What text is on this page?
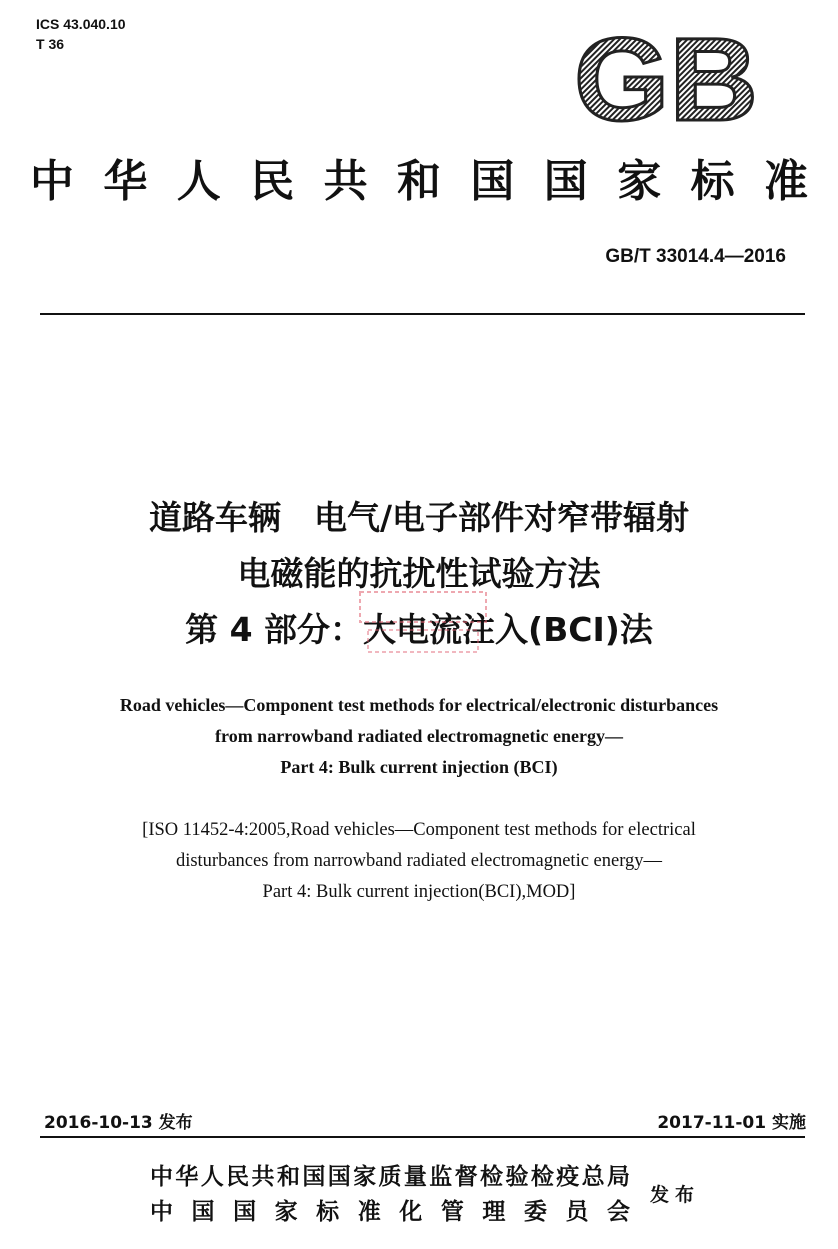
ICS 43.040.10
T 36	GB
中华人民共和国国家标准
GB/T 33014.4—2016
道路车辆　电气/电子部件对窄带辐射
电磁能的抗扰性试验方法
第 4 部分：大电流注入(BCI)法
Road vehicles—Component test methods for electrical/electronic disturbances
from narrowband radiated electromagnetic energy—
Part 4: Bulk current injection (BCI)
[ISO 11452-4:2005,Road vehicles—Component test methods for electrical
disturbances from narrowband radiated electromagnetic energy—
Part 4: Bulk current injection(BCI),MOD]
2016-10-13 发布	2017-11-01 实施
中华人民共和国国家质量监督检验检疫总局
中国国家标准化管理委员会
发布
